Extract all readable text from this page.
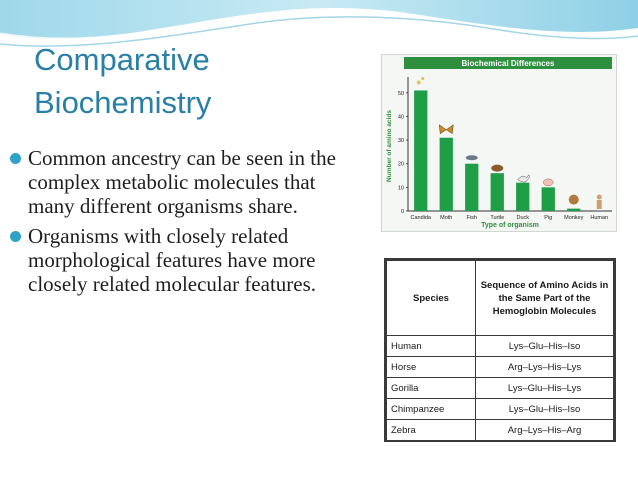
Comparative
Biochemistry
Common ancestry can be seen in the complex metabolic molecules that many different organisms share.
Organisms with closely related morphological features have more closely related molecular features.
Biochemical Differences
0
10
20
30
40
50
Number of amino acids
Candida Moth	Fish Turtle Duck	Pig Monkey Human
Type of organism
Species	Sequence of Amino Acids in the Same Part of the Hemoglobin Molecules
Human	Lys–Glu–His–Iso
Horse	Arg–Lys–His–Lys
Gorilla	Lys–Glu–His–Lys
Chimpanzee	Lys–Glu–His–Iso
Zebra	Arg–Lys–His–Arg
